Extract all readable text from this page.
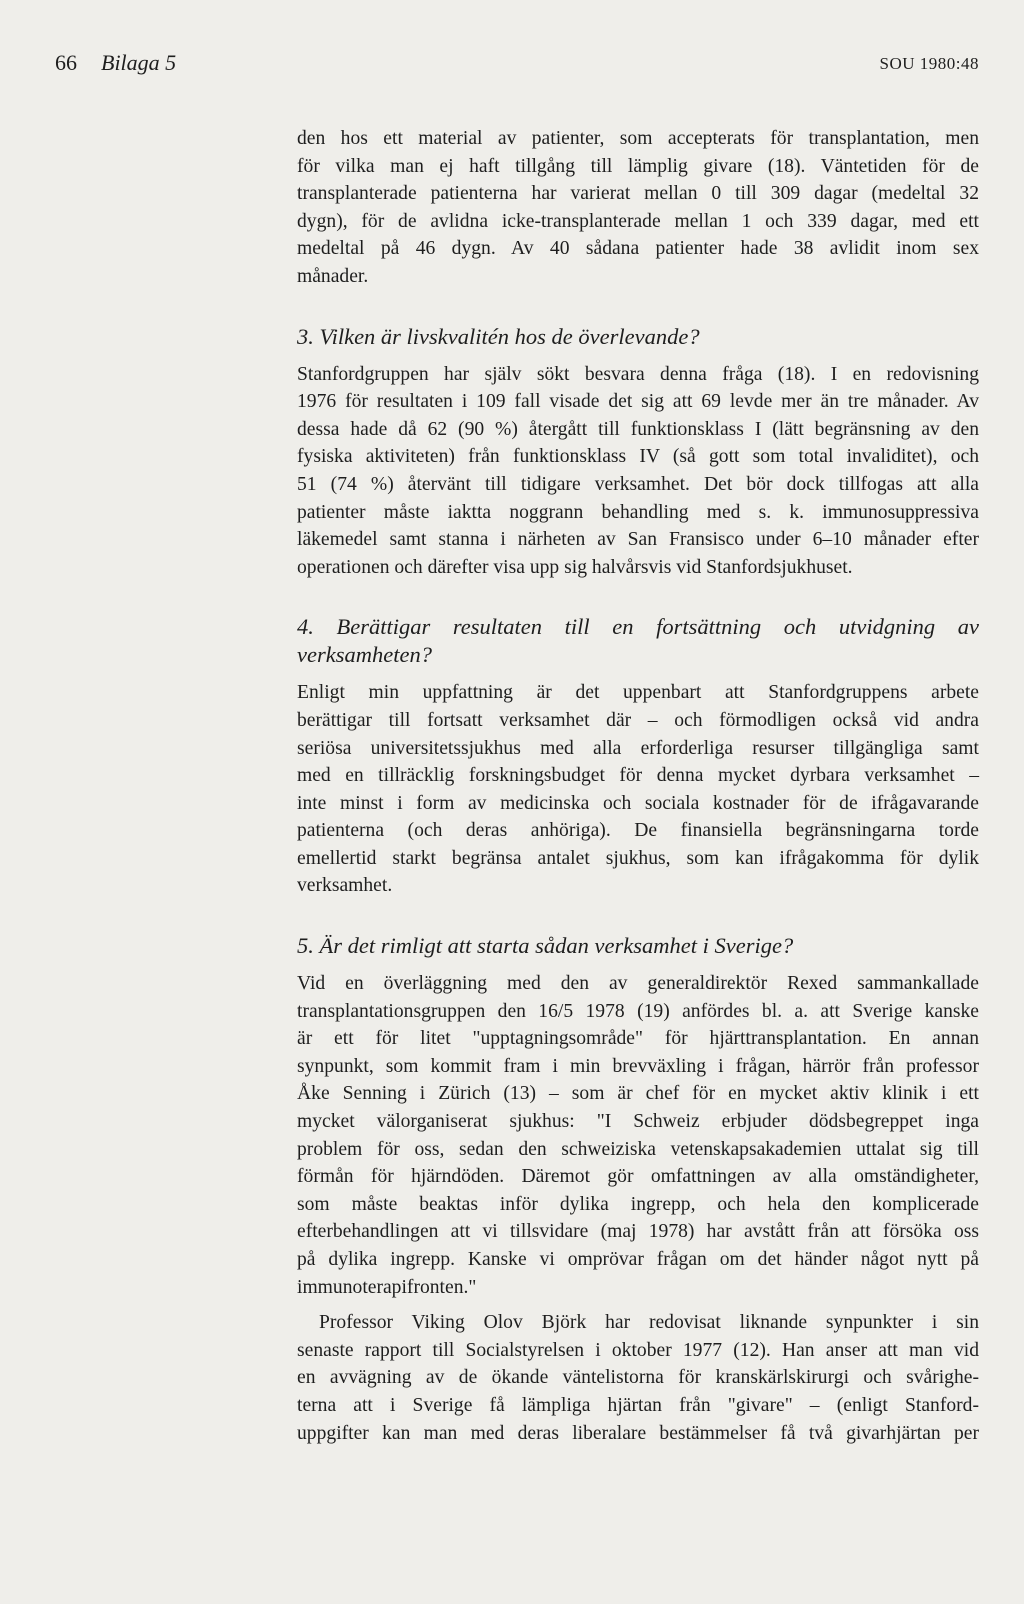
66 Bilaga 5	SOU 1980:48

den hos ett material av patienter, som accepterats för transplantation, men

för vilka man ej haft tillgång till lämplig givare (18). Väntetiden för de

transplanterade patienterna har varierat mellan 0 till 309 dagar (medeltal 32

dygn), för de avlidna icke-transplanterade mellan 1 och 339 dagar, med ett

medeltal på 46 dygn. Av 40 sådana patienter hade 38 avlidit inom sex

månader.

3. Vilken är livskvalitén hos de överlevande?

Stanfordgruppen har själv sökt besvara denna fråga (18). I en redovisning

1976 för resultaten i 109 fall visade det sig att 69 levde mer än tre månader. Av

dessa hade då 62 (90 %) återgått till funktionsklass I (lätt begränsning av den

fysiska aktiviteten) från funktionsklass IV (så gott som total invaliditet), och

51 (74 %) återvänt till tidigare verksamhet. Det bör dock tillfogas att alla

patienter måste iaktta noggrann behandling med s. k. immunosuppressiva

läkemedel samt stanna i närheten av San Fransisco under 6–10 månader efter

operationen och därefter visa upp sig halvårsvis vid Stanfordsjukhuset.

4. Berättigar resultaten till en fortsättning och utvidgning av
verksamheten?

Enligt min uppfattning är det uppenbart att Stanfordgruppens arbete

berättigar till fortsatt verksamhet där – och förmodligen också vid andra

seriösa universitetssjukhus med alla erforderliga resurser tillgängliga samt

med en tillräcklig forskningsbudget för denna mycket dyrbara verksamhet –

inte minst i form av medicinska och sociala kostnader för de ifrågavarande

patienterna (och deras anhöriga). De finansiella begränsningarna torde

emellertid starkt begränsa antalet sjukhus, som kan ifrågakomma för dylik

verksamhet.

5. Är det rimligt att starta sådan verksamhet i Sverige?

Vid en överläggning med den av generaldirektör Rexed sammankallade

transplantationsgruppen den 16/5 1978 (19) anfördes bl. a. att Sverige kanske

är ett för litet "upptagningsområde" för hjärttransplantation. En annan

synpunkt, som kommit fram i min brevväxling i frågan, härrör från professor

Åke Senning i Zürich (13) – som är chef för en mycket aktiv klinik i ett

mycket välorganiserat sjukhus: "I Schweiz erbjuder dödsbegreppet inga

problem för oss, sedan den schweiziska vetenskapsakademien uttalat sig till

förmån för hjärndöden. Däremot gör omfattningen av alla omständigheter,

som måste beaktas inför dylika ingrepp, och hela den komplicerade

efterbehandlingen att vi tillsvidare (maj 1978) har avstått från att försöka oss

på dylika ingrepp. Kanske vi omprövar frågan om det händer något nytt på

immunoterapifronten."

Professor Viking Olov Björk har redovisat liknande synpunkter i sin

senaste rapport till Socialstyrelsen i oktober 1977 (12). Han anser att man vid

en avvägning av de ökande väntelistorna för kranskärlskirurgi och svårighe-

terna att i Sverige få lämpliga hjärtan från "givare" – (enligt Stanford-

uppgifter kan man med deras liberalare bestämmelser få två givarhjärtan per
